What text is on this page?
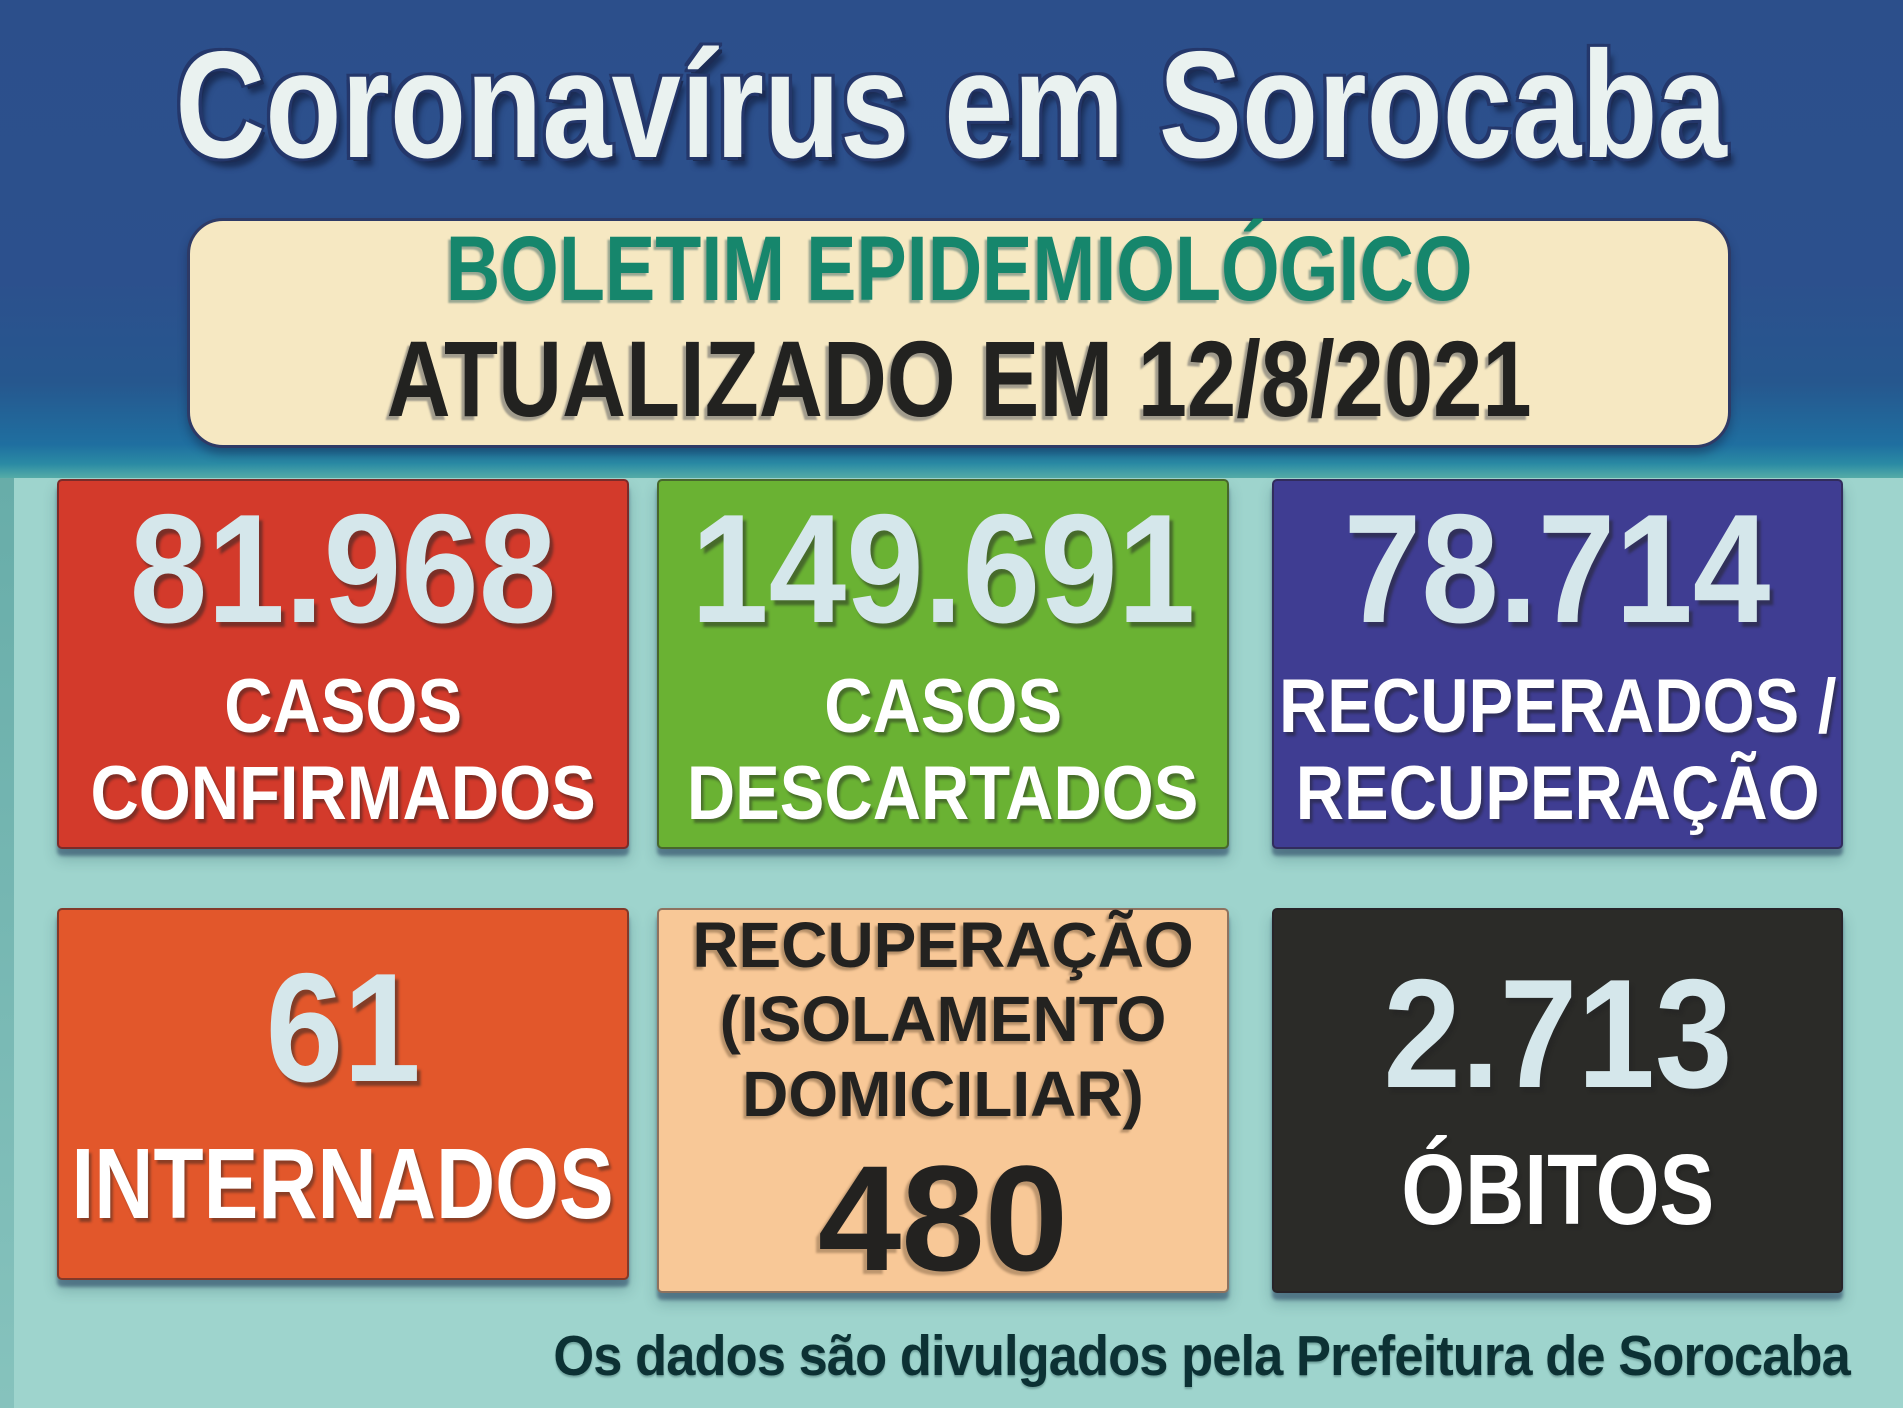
Coronavírus em Sorocaba
BOLETIM EPIDEMIOLÓGICO
ATUALIZADO EM 12/8/2021
81.968
CASOS
CONFIRMADOS
149.691
CASOS
DESCARTADOS
78.714
RECUPERADOS /
RECUPERAÇÃO
61
INTERNADOS
RECUPERAÇÃO
(ISOLAMENTO
DOMICILIAR)
480
2.713
ÓBITOS
Os dados são divulgados pela Prefeitura de Sorocaba
